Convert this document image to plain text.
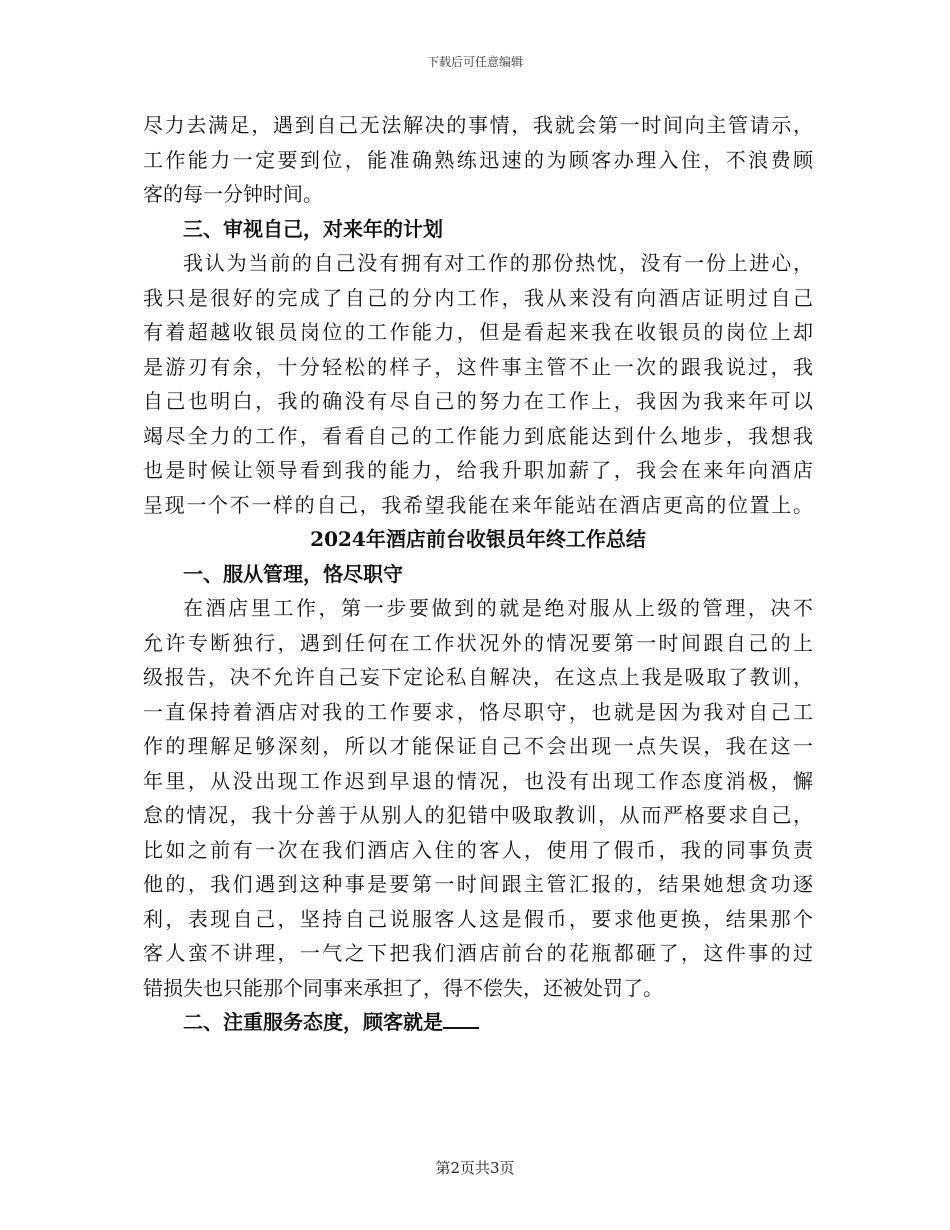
下载后可任意编辑
尽力去满足，遇到自己无法解决的事情，我就会第一时间向主管请示，
工作能力一定要到位，能准确熟练迅速的为顾客办理入住，不浪费顾
客的每一分钟时间。
三、审视自己，对来年的计划
我认为当前的自己没有拥有对工作的那份热忱，没有一份上进心，
我只是很好的完成了自己的分内工作，我从来没有向酒店证明过自己
有着超越收银员岗位的工作能力，但是看起来我在收银员的岗位上却
是游刃有余，十分轻松的样子，这件事主管不止一次的跟我说过，我
自己也明白，我的确没有尽自己的努力在工作上，我因为我来年可以
竭尽全力的工作，看看自己的工作能力到底能达到什么地步，我想我
也是时候让领导看到我的能力，给我升职加薪了，我会在来年向酒店
呈现一个不一样的自己，我希望我能在来年能站在酒店更高的位置上。
2024年酒店前台收银员年终工作总结
一、服从管理，恪尽职守
在酒店里工作，第一步要做到的就是绝对服从上级的管理，决不
允许专断独行，遇到任何在工作状况外的情况要第一时间跟自己的上
级报告，决不允许自己妄下定论私自解决，在这点上我是吸取了教训，
一直保持着酒店对我的工作要求，恪尽职守，也就是因为我对自己工
作的理解足够深刻，所以才能保证自己不会出现一点失误，我在这一
年里，从没出现工作迟到早退的情况，也没有出现工作态度消极，懈
怠的情况，我十分善于从别人的犯错中吸取教训，从而严格要求自己，
比如之前有一次在我们酒店入住的客人，使用了假币，我的同事负责
他的，我们遇到这种事是要第一时间跟主管汇报的，结果她想贪功逐
利，表现自己，坚持自己说服客人这是假币，要求他更换，结果那个
客人蛮不讲理，一气之下把我们酒店前台的花瓶都砸了，这件事的过
错损失也只能那个同事来承担了，得不偿失，还被处罚了。
二、注重服务态度，顾客就是
第2页共3页
